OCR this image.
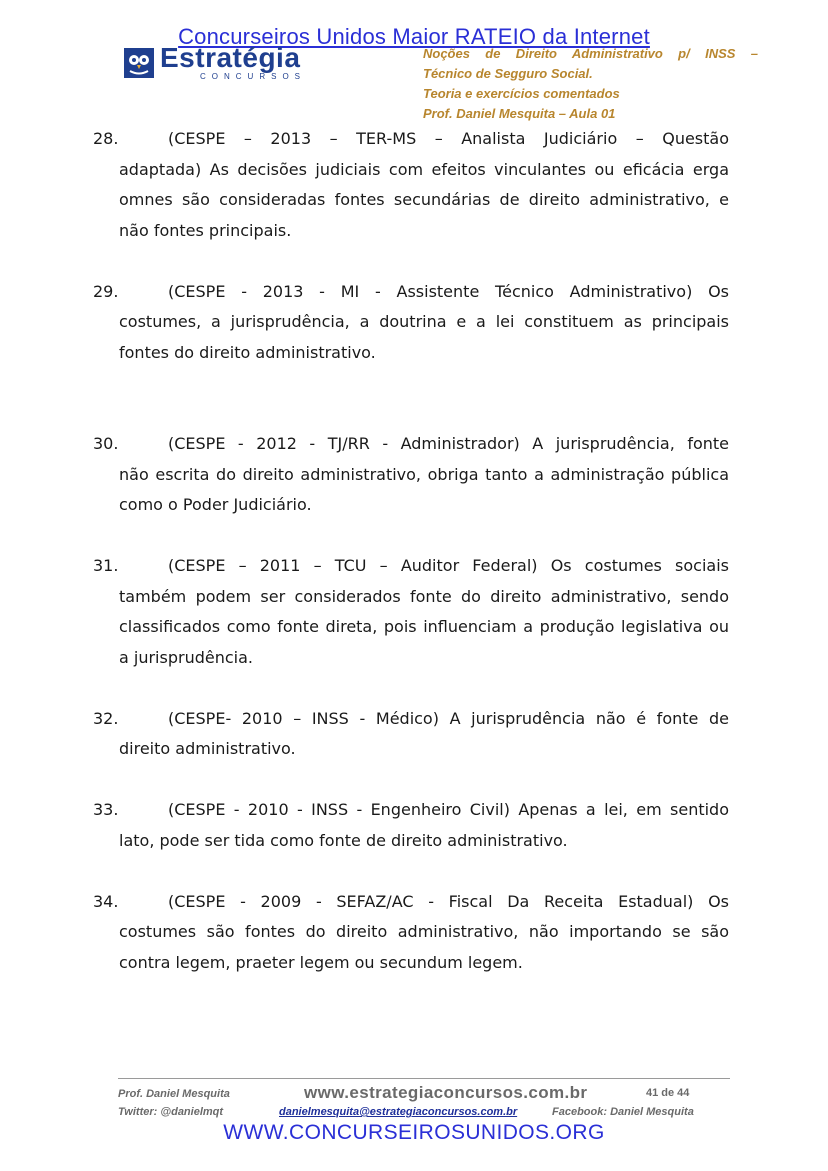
Concurseiros Unidos Maior RATEIO da Internet
Estratégia
CONCURSOS
Noções de Direito Administrativo p/ INSS –
Técnico de Segguro Social.
Teoria e exercícios comentados
Prof. Daniel Mesquita – Aula 01
28.	(CESPE – 2013 – TER-MS – Analista Judiciário – Questão
adaptada) As decisões judiciais com efeitos vinculantes ou eficácia erga omnes são consideradas fontes secundárias de direito administrativo, e não fontes principais.
29.	(CESPE - 2013 - MI - Assistente Técnico Administrativo) Os
costumes, a jurisprudência, a doutrina e a lei constituem as principais fontes do direito administrativo.
30.	(CESPE - 2012 - TJ/RR - Administrador) A jurisprudência, fonte
não escrita do direito administrativo, obriga tanto a administração pública como o Poder Judiciário.
31.	(CESPE – 2011 – TCU – Auditor Federal) Os costumes sociais
também podem ser considerados fonte do direito administrativo, sendo classificados como fonte direta, pois influenciam a produção legislativa ou a jurisprudência.
32.	(CESPE- 2010 – INSS - Médico) A jurisprudência não é fonte de
direito administrativo.
33.	(CESPE - 2010 - INSS - Engenheiro Civil) Apenas a lei, em sentido
lato, pode ser tida como fonte de direito administrativo.
34.	(CESPE - 2009 - SEFAZ/AC - Fiscal Da Receita Estadual) Os
costumes são fontes do direito administrativo, não importando se são contra legem, praeter legem ou secundum legem.
Prof. Daniel Mesquita	www.estrategiaconcursos.com.br	41 de 44
Twitter: @danielmqt	danielmesquita@estrategiaconcursos.com.br	Facebook: Daniel Mesquita
WWW.CONCURSEIROSUNIDOS.ORG
